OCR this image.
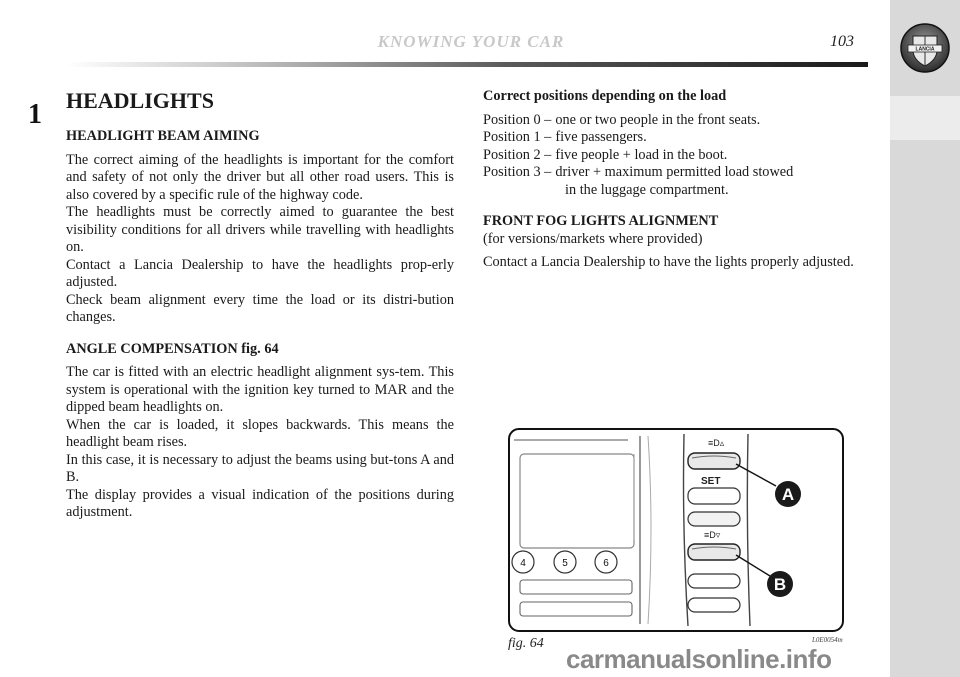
KNOWING YOUR CAR	103	LANCIA
1	HEADLIGHTS
HEADLIGHT BEAM AIMING

The correct aiming of the headlights is important for the comfort and safety of not only the driver but all other road users. This is also covered by a specific rule of the highway code.

The headlights must be correctly aimed to guarantee the best visibility conditions for all drivers while travelling with headlights on.

Contact a Lancia Dealership to have the headlights prop-erly adjusted.

Check beam alignment every time the load or its distri-bution changes.

ANGLE COMPENSATION fig. 64

The car is fitted with an electric headlight alignment sys-tem. This system is operational with the ignition key turned to MAR and the dipped beam headlights on.

When the car is loaded, it slopes backwards. This means the headlight beam rises.

In this case, it is necessary to adjust the beams using but-tons A and B.

The display provides a visual indication of the positions during adjustment.

Correct positions depending on the load
Position 0 – one or two people in the front seats.
Position 1 – five passengers.
Position 2 – five people + load in the boot.
Position 3 – driver + maximum permitted load stowed
in the luggage compartment.
FRONT FOG LIGHTS ALIGNMENT
(for versions/markets where provided)

Contact a Lancia Dealership to have the lights properly adjusted.

≡D▵
SET
≡D▿
A
B
4	5	6
fig. 64	L0E0054m
carmanualsonline.info
